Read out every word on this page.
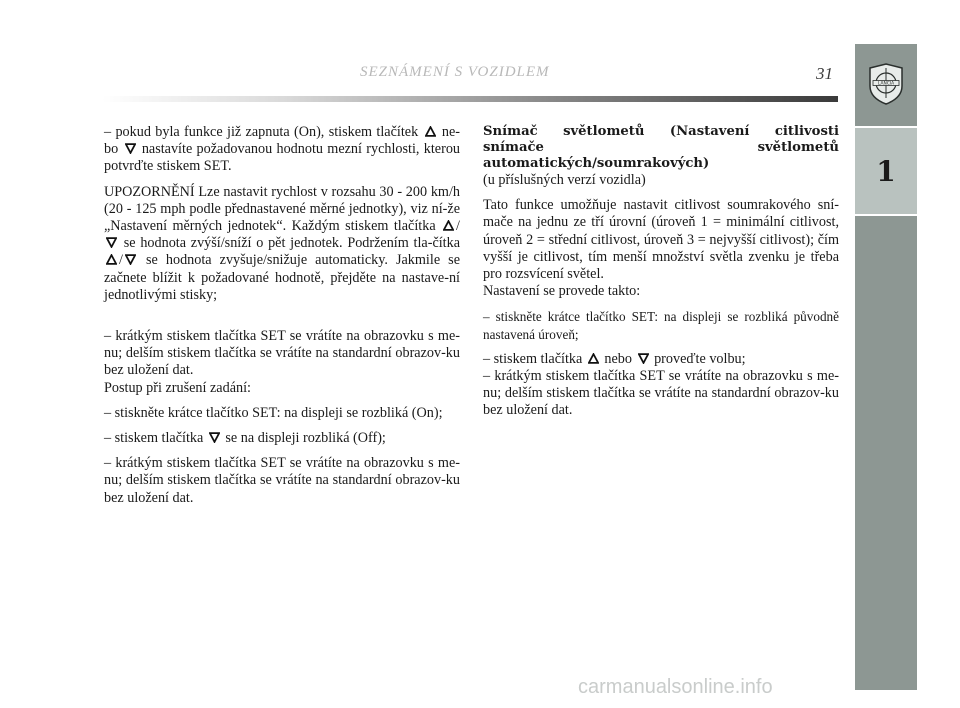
SEZNÁMENÍ S VOZIDLEM	31
LANCIA
1

– pokud byla funkce již zapnuta (On), stiskem tlačítek ne-bo nastavíte požadovanou hodnotu mezní rychlosti, kterou potvrďte stiskem SET.

UPOZORNĚNÍ Lze nastavit rychlost v rozsahu 30 - 200 km/h (20 - 125 mph podle přednastavené měrné jednotky), viz ní-že „Nastavení měrných jednotek“. Každým stiskem tlačítka / se hodnota zvýší/sníží o pět jednotek. Podržením tla-čítka / se hodnota zvyšuje/snižuje automaticky. Jakmile se začnete blížit k požadované hodnotě, přejděte na nastave-ní jednotlivými stisky;

– krátkým stiskem tlačítka SET se vrátíte na obrazovku s me-nu; delším stiskem tlačítka se vrátíte na standardní obrazov-ku bez uložení dat.

Postup při zrušení zadání:

– stiskněte krátce tlačítko SET: na displeji se rozbliká (On);

– stiskem tlačítka se na displeji rozbliká (Off);

– krátkým stiskem tlačítka SET se vrátíte na obrazovku s me-nu; delším stiskem tlačítka se vrátíte na standardní obrazov-ku bez uložení dat.

Snímač světlometů (Nastavení citlivosti snímače světlometů automatických/soumrakových)

(u příslušných verzí vozidla)

Tato funkce umožňuje nastavit citlivost soumrakového sní-mače na jednu ze tří úrovní (úroveň 1 = minimální citlivost, úroveň 2 = střední citlivost, úroveň 3 = nejvyšší citlivost); čím vyšší je citlivost, tím menší množství světla zvenku je třeba pro rozsvícení světel.

Nastavení se provede takto:

– stiskněte krátce tlačítko SET: na displeji se rozbliká původně nastavená úroveň;

– stiskem tlačítka nebo proveďte volbu;

– krátkým stiskem tlačítka SET se vrátíte na obrazovku s me-nu; delším stiskem tlačítka se vrátíte na standardní obrazov-ku bez uložení dat.

carmanualsonline.info
